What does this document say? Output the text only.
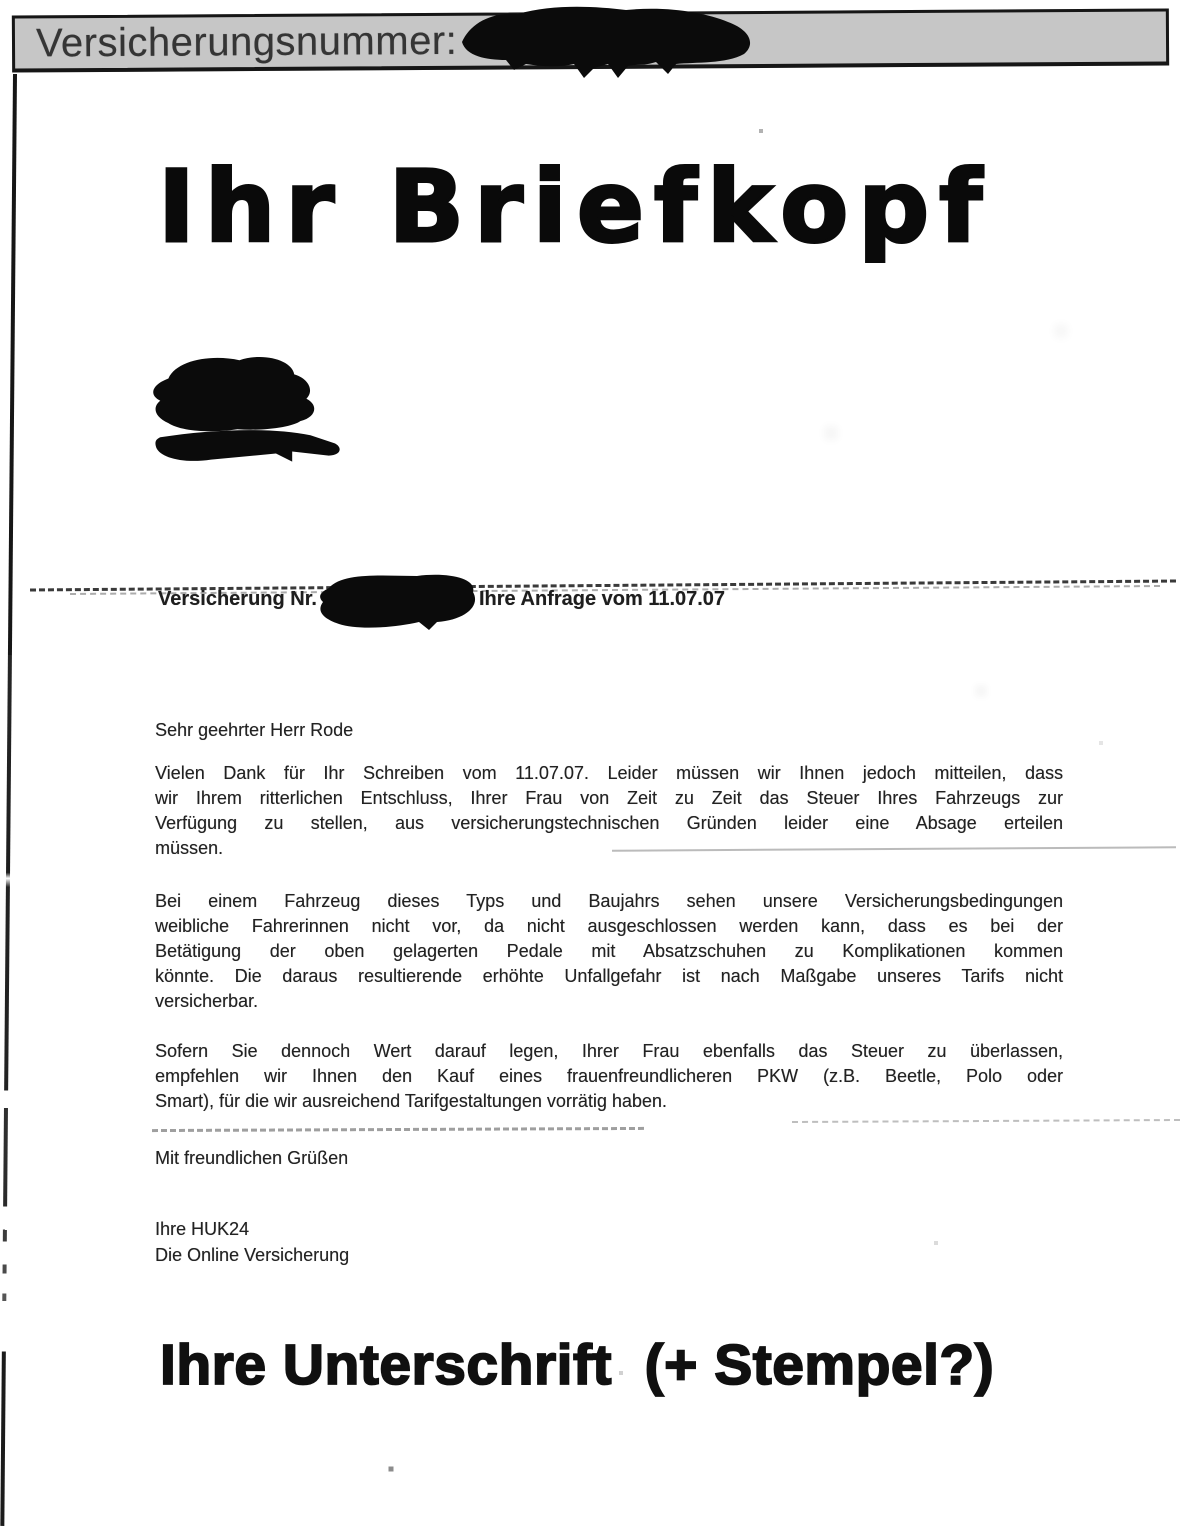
Versicherungsnummer:
Ihr Briefkopf
Versicherung Nr.	Ihre Anfrage vom 11.07.07
Sehr geehrter Herr Rode
Vielen Dank für Ihr Schreiben vom 11.07.07. Leider müssen wir Ihnen jedoch mitteilen, dass
wir Ihrem ritterlichen Entschluss, Ihrer Frau von Zeit zu Zeit das Steuer Ihres Fahrzeugs zur
Verfügung zu stellen, aus versicherungstechnischen Gründen leider eine Absage erteilen
müssen.
Bei einem Fahrzeug dieses Typs und Baujahrs sehen unsere Versicherungsbedingungen
weibliche Fahrerinnen nicht vor, da nicht ausgeschlossen werden kann, dass es bei der
Betätigung der oben gelagerten Pedale mit Absatzschuhen zu Komplikationen kommen
könnte. Die daraus resultierende erhöhte Unfallgefahr ist nach Maßgabe unseres Tarifs nicht
versicherbar.
Sofern Sie dennoch Wert darauf legen, Ihrer Frau ebenfalls das Steuer zu überlassen,
empfehlen wir Ihnen den Kauf eines frauenfreundlicheren PKW (z.B. Beetle, Polo oder
Smart), für die wir ausreichend Tarifgestaltungen vorrätig haben.
Mit freundlichen Grüßen
Ihre HUK24
Die Online Versicherung
Ihre Unterschrift  (+ Stempel?)
